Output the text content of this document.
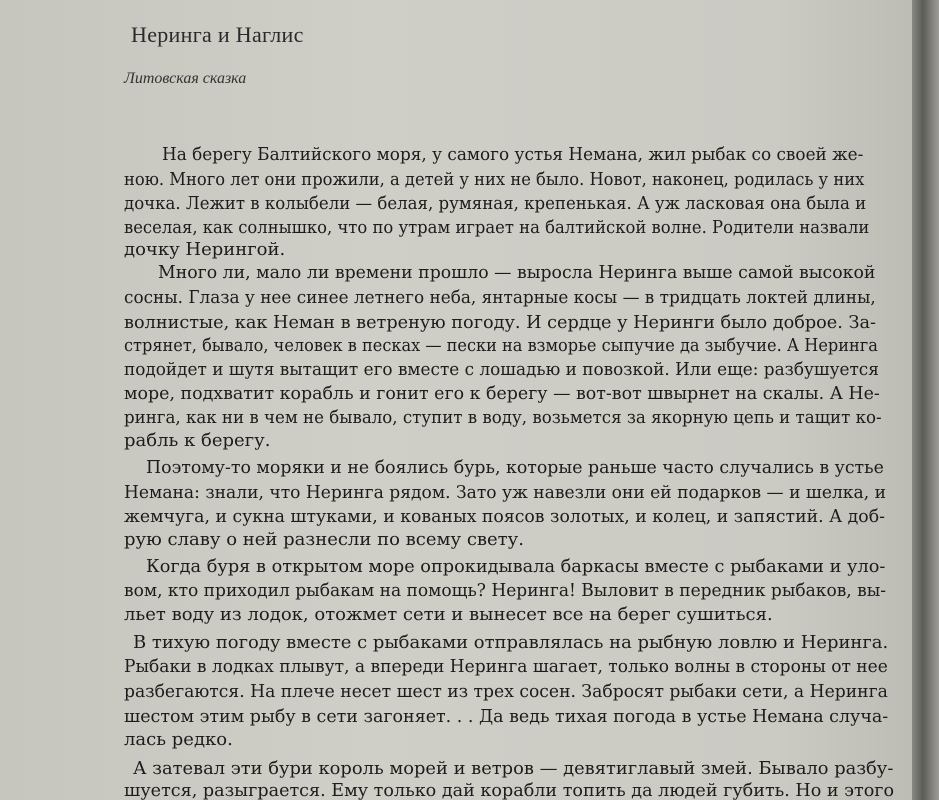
Неринга и Наглис
Литовская сказка
На берегу Балтийского моря, у самого устья Немана, жил рыбак со своей же-
ною. Много лет они прожили, а детей у них не было. Новот, наконец, родилась у них
дочка. Лежит в колыбели — белая, румяная, крепенькая. А уж ласковая она была и
веселая, как солнышко, что по утрам играет на балтийской волне. Родители назвали
дочку Нерингой.
Много ли, мало ли времени прошло — выросла Неринга выше самой высокой
сосны. Глаза у нее синее летнего неба, янтарные косы — в тридцать локтей длины,
волнистые, как Неман в ветреную погоду. И сердце у Неринги было доброе. За-
стрянет, бывало, человек в песках — пески на взморье сыпучие да зыбучие. А Неринга
подойдет и шутя вытащит его вместе с лошадью и повозкой. Или еще: разбушуется
море, подхватит корабль и гонит его к берегу — вот-вот швырнет на скалы. А Не-
ринга, как ни в чем не бывало, ступит в воду, возьмется за якорную цепь и тащит ко-
рабль к берегу.
Поэтому-то моряки и не боялись бурь, которые раньше часто случались в устье
Немана: знали, что Неринга рядом. Зато уж навезли они ей подарков — и шелка, и
жемчуга, и сукна штуками, и кованых поясов золотых, и колец, и запястий. А доб-
рую славу о ней разнесли по всему свету.
Когда буря в открытом море опрокидывала баркасы вместе с рыбаками и уло-
вом, кто приходил рыбакам на помощь? Неринга! Выловит в передник рыбаков, вы-
льет воду из лодок, отожмет сети и вынесет все на берег сушиться.
В тихую погоду вместе с рыбаками отправлялась на рыбную ловлю и Неринга.
Рыбаки в лодках плывут, а впереди Неринга шагает, только волны в стороны от нее
разбегаются. На плече несет шест из трех сосен. Забросят рыбаки сети, а Неринга
шестом этим рыбу в сети загоняет. . . Да ведь тихая погода в устье Немана случа-
лась редко.
А затевал эти бури король морей и ветров — девятиглавый змей. Бывало разбу-
шуется, разыграется. Ему только дай корабли топить да людей губить. Но и этого
